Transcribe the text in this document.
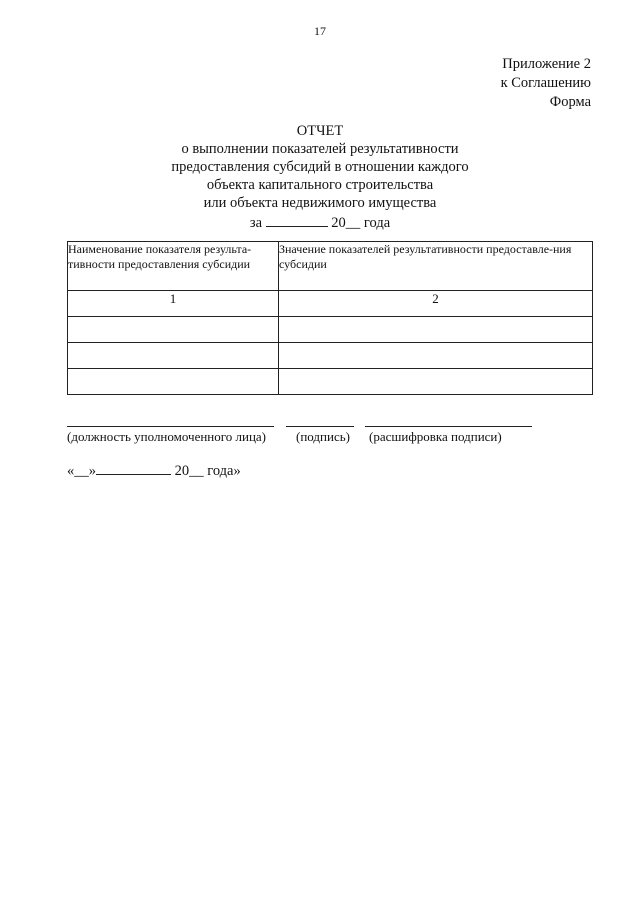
17
Приложение 2
к Соглашению
Форма
ОТЧЕТ
о выполнении показателей результативности
предоставления субсидий в отношении каждого
объекта капитального строительства
или объекта недвижимого имущества
за	20__ года
Наименование показателя результа-тивности предоставления субсидии	Значение показателей результативности предоставле-ния субсидии
1	2

(должность уполномоченного лица) (подпись) (расшифровка подписи)
«__»	20__ года»
